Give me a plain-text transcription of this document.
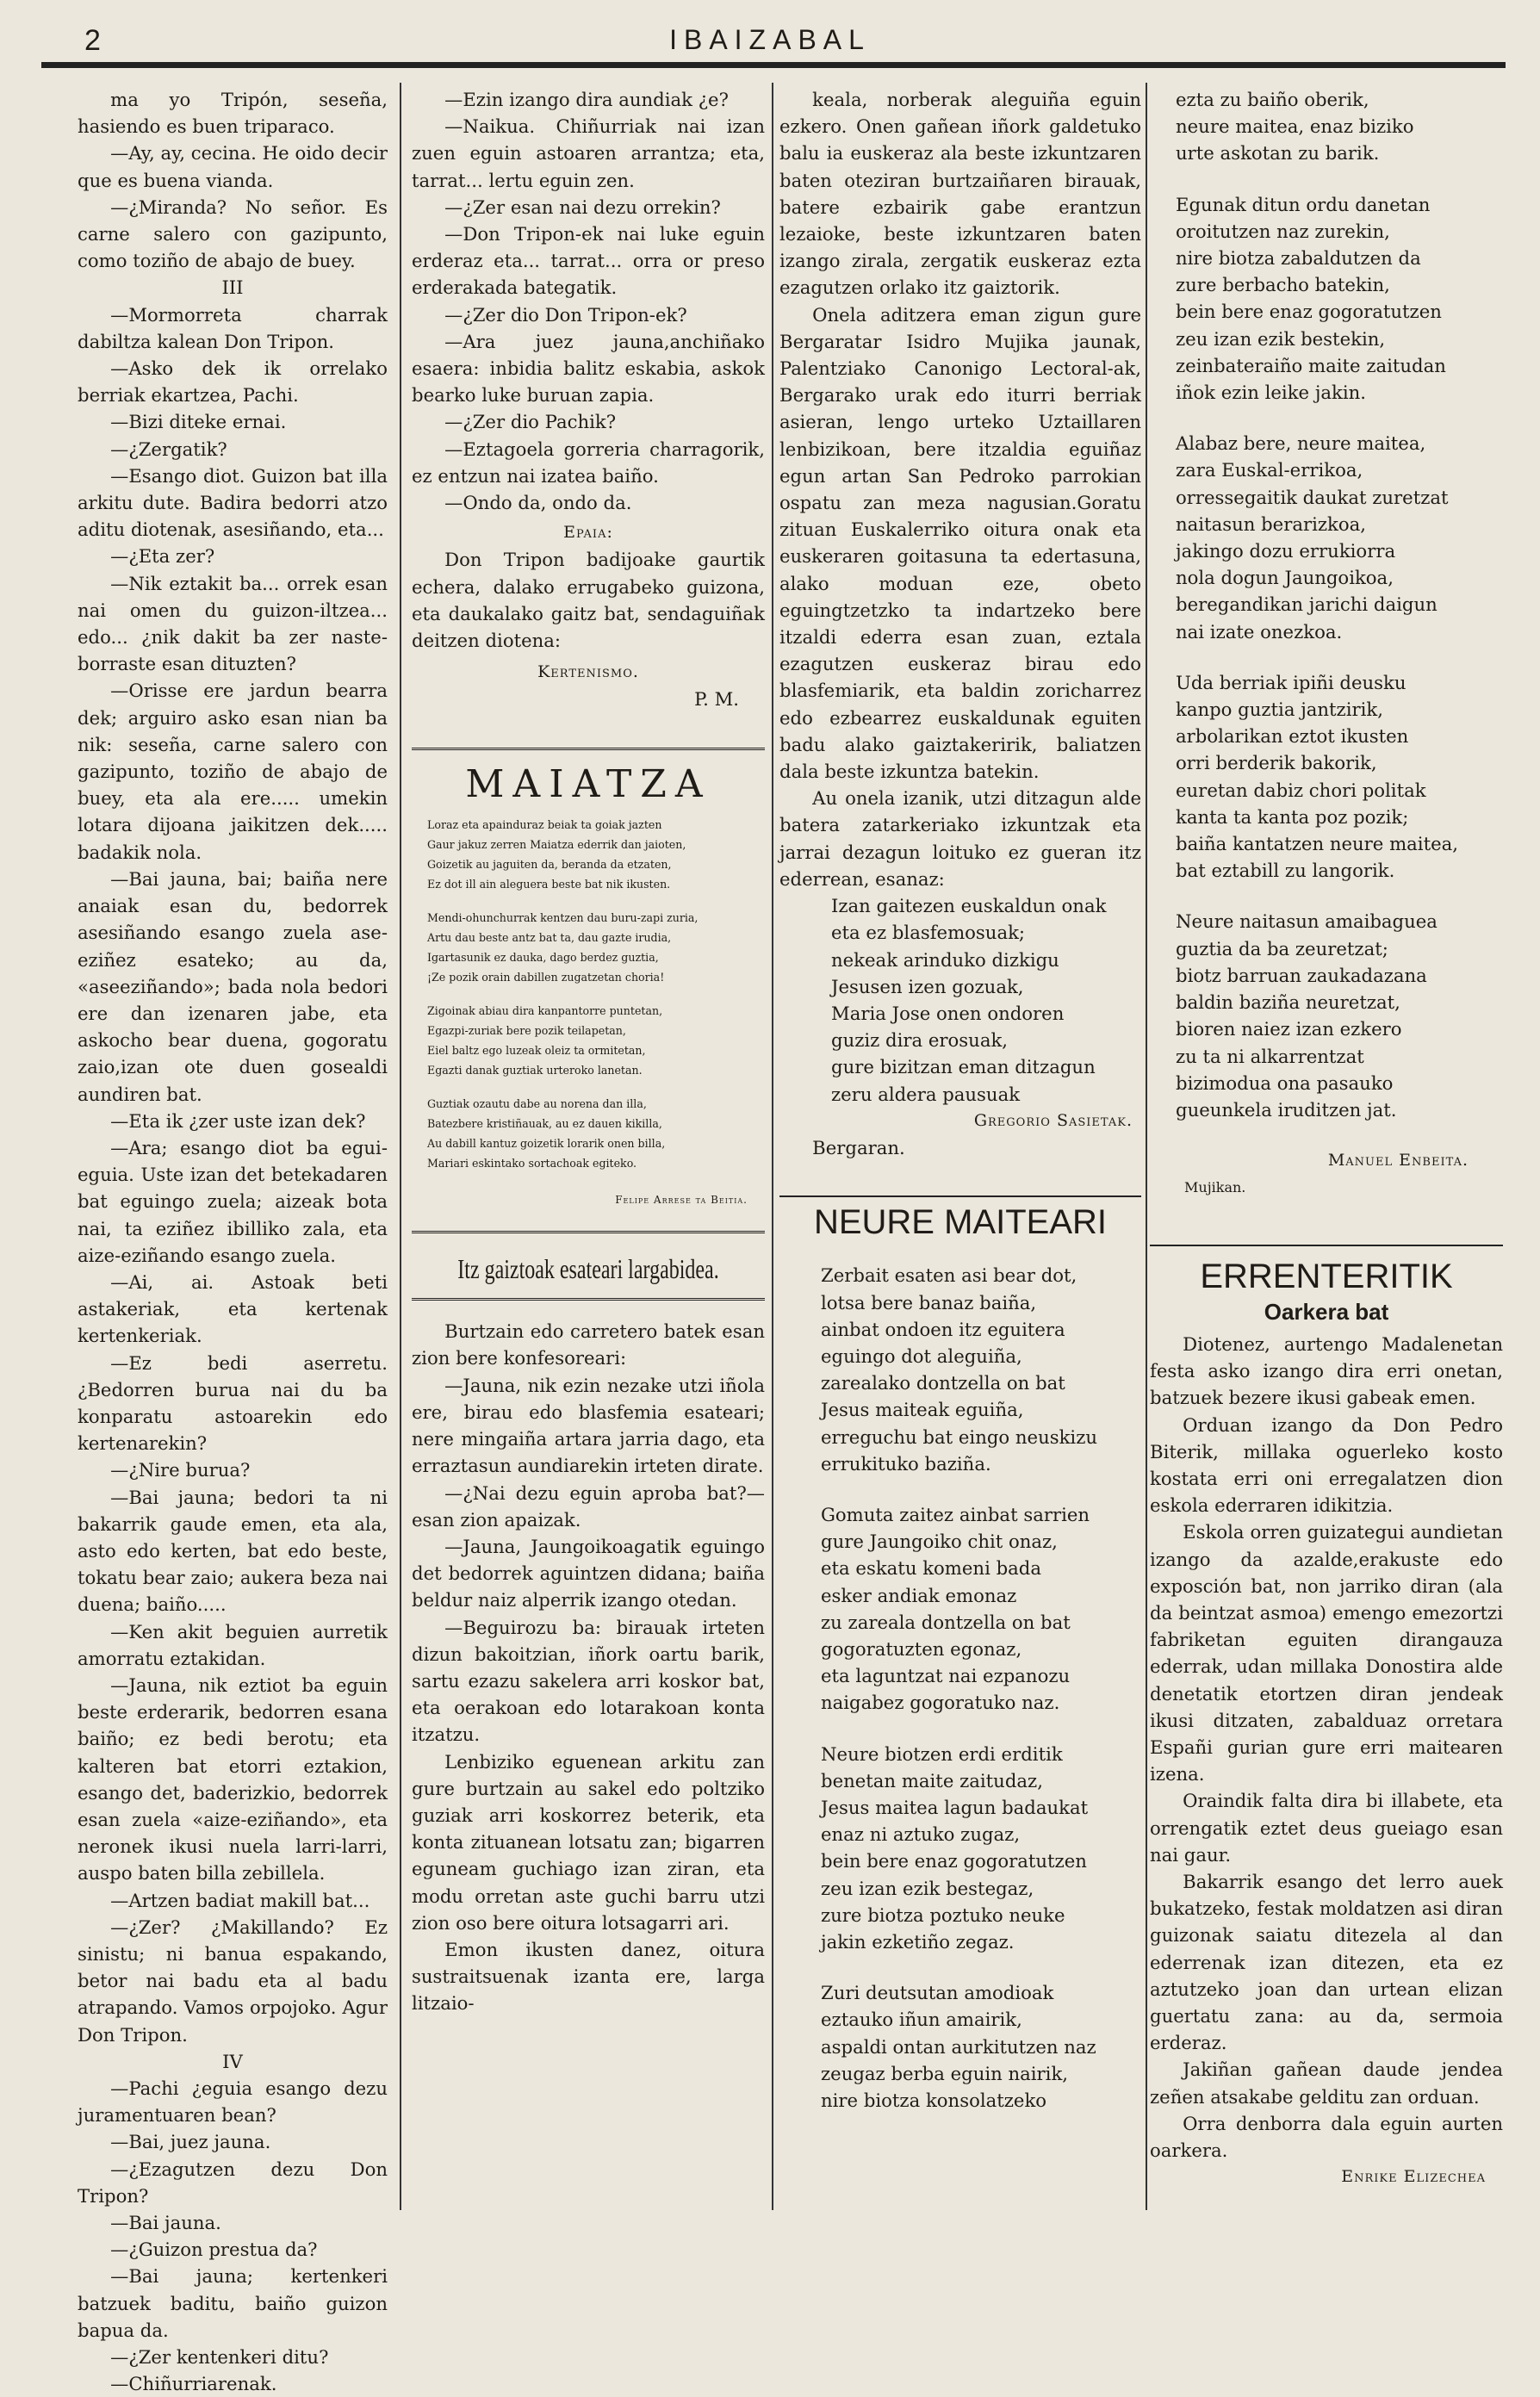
2	IBAIZABAL

ma yo Tripón, seseña, hasiendo es buen triparaco.

—Ay, ay, cecina. He oido decir que es buena vianda.

—¿Miranda? No señor. Es carne salero con gazipunto, como toziño de abajo de buey.

III

—Mormorreta charrak dabiltza kalean Don Tripon.

—Asko dek ik orrelako berriak ekartzea, Pachi.

—Bizi diteke ernai.

—¿Zergatik?

—Esango diot. Guizon bat illa arkitu dute. Badira bedorri atzo aditu diotenak, asesiñando, eta...

—¿Eta zer?

—Nik eztakit ba... orrek esan nai omen du guizon-iltzea... edo... ¿nik dakit ba zer naste-borraste esan dituzten?

—Orisse ere jardun bearra dek; arguiro asko esan nian ba nik: seseña, carne salero con gazipunto, toziño de abajo de buey, eta ala ere..... umekin lotara dijoana jaikitzen dek..... badakik nola.

—Bai jauna, bai; baiña nere anaiak esan du, bedorrek asesiñando esango zuela ase-eziñez esateko; au da, «aseeziñando»; bada nola bedori ere dan izenaren jabe, eta askocho bear duena, gogoratu zaio,izan ote duen gosealdi aundiren bat.

—Eta ik ¿zer uste izan dek?

—Ara; esango diot ba egui-eguia. Uste izan det betekadaren bat eguingo zuela; aizeak bota nai, ta eziñez ibilliko zala, eta aize-eziñando esango zuela.

—Ai, ai. Astoak beti astakeriak, eta kertenak kertenkeriak.

—Ez bedi aserretu. ¿Bedorren burua nai du ba konparatu astoarekin edo kertenarekin?

—¿Nire burua?

—Bai jauna; bedori ta ni bakarrik gaude emen, eta ala, asto edo kerten, bat edo beste, tokatu bear zaio; aukera beza nai duena; baiño.....

—Ken akit beguien aurretik amorratu eztakidan.

—Jauna, nik eztiot ba eguin beste erderarik, bedorren esana baiño; ez bedi berotu; eta kalteren bat etorri eztakion, esango det, baderizkio, bedorrek esan zuela «aize-eziñando», eta neronek ikusi nuela larri-larri, auspo baten billa zebillela.

—Artzen badiat makill bat...

—¿Zer? ¿Makillando? Ez sinistu; ni banua espakando, betor nai badu eta al badu atrapando. Vamos orpojoko. Agur Don Tripon.

IV

—Pachi ¿eguia esango dezu juramentuaren bean?

—Bai, juez jauna.

—¿Ezagutzen dezu Don Tripon?

—Bai jauna.

—¿Guizon prestua da?

—Bai jauna; kertenkeri batzuek baditu, baiño guizon bapua da.

—¿Zer kentenkeri ditu?

—Chiñurriarenak.

—Ezin izango dira aundiak ¿e?

—Naikua. Chiñurriak nai izan zuen eguin astoaren arrantza; eta, tarrat... lertu eguin zen.

—¿Zer esan nai dezu orrekin?

—Don Tripon-ek nai luke eguin erderaz eta... tarrat... orra or preso erderakada bategatik.

—¿Zer dio Don Tripon-ek?

—Ara juez jauna,anchiñako esaera: inbidia balitz eskabia, askok bearko luke buruan zapia.

—¿Zer dio Pachik?

—Eztagoela gorreria charragorik, ez entzun nai izatea baiño.

—Ondo da, ondo da.

Epaia:

Don Tripon badijoake gaurtik echera, dalako errugabeko guizona, eta daukalako gaitz bat, sendaguiñak deitzen diotena:

Kertenismo.

P. M.

MAIATZA

Loraz eta apainduraz beiak ta goiak jazten

Gaur jakuz zerren Maiatza ederrik dan jaioten,

Goizetik au jaguiten da, beranda da etzaten,

Ez dot ill ain aleguera beste bat nik ikusten.

Mendi-ohunchurrak kentzen dau buru-zapi zuria,

Artu dau beste antz bat ta, dau gazte irudia,

Igartasunik ez dauka, dago berdez guztia,

¡Ze pozik orain dabillen zugatzetan choria!

Zigoinak abiau dira kanpantorre puntetan,

Egazpi-zuriak bere pozik teilapetan,

Eiel baltz ego luzeak oleiz ta ormitetan,

Egazti danak guztiak urteroko lanetan.

Guztiak ozautu dabe au norena dan illa,

Batezbere kristiñauak, au ez dauen kikilla,

Au dabill kantuz goizetik lorarik onen billa,

Mariari eskintako sortachoak egiteko.

Felipe Arrese ta Beitia.

Itz gaiztoak esateari largabidea.

Burtzain edo carretero batek esan zion bere konfesoreari:

—Jauna, nik ezin nezake utzi iñola ere, birau edo blasfemia esateari; nere mingaiña artara jarria dago, eta erraztasun aundiarekin irteten dirate.

—¿Nai dezu eguin aproba bat?— esan zion apaizak.

—Jauna, Jaungoikoagatik eguingo det bedorrek aguintzen didana; baiña beldur naiz alperrik izango otedan.

—Beguirozu ba: birauak irteten dizun bakoitzian, iñork oartu barik, sartu ezazu sakelera arri koskor bat, eta oerakoan edo lotarakoan konta itzatzu.

Lenbiziko eguenean arkitu zan gure burtzain au sakel edo poltziko guziak arri koskorrez beterik, eta konta zituanean lotsatu zan; bigarren eguneam guchiago izan ziran, eta modu orretan aste guchi barru utzi zion oso bere oitura lotsagarri ari.

Emon ikusten danez, oitura sustraitsuenak izanta ere, larga litzaio-

keala, norberak aleguiña eguin ezkero. Onen gañean iñork galdetuko balu ia euskeraz ala beste izkuntzaren baten oteziran burtzaiñaren birauak, batere ezbairik gabe erantzun lezaioke, beste izkuntzaren baten izango zirala, zergatik euskeraz ezta ezagutzen orlako itz gaiztorik.

Onela aditzera eman zigun gure Bergaratar Isidro Mujika jaunak, Palentziako Canonigo Lectoral-ak, Bergarako urak edo iturri berriak asieran, lengo urteko Uztaillaren lenbizikoan, bere itzaldia eguiñaz egun artan San Pedroko parrokian ospatu zan meza nagusian.Goratu zituan Euskalerriko oitura onak eta euskeraren goitasuna ta edertasuna, alako moduan eze, obeto eguingtzetzko ta indartzeko bere itzaldi ederra esan zuan, eztala ezagutzen euskeraz birau edo blasfemiarik, eta baldin zoricharrez edo ezbearrez euskaldunak eguiten badu alako gaiztakeririk, baliatzen dala beste izkuntza batekin.

Au onela izanik, utzi ditzagun alde batera zatarkeriako izkuntzak eta jarrai dezagun loituko ez gueran itz ederrean, esanaz:

Izan gaitezen euskaldun onak

eta ez blasfemosuak;

nekeak arinduko dizkigu

Jesusen izen gozuak,

Maria Jose onen ondoren

guziz dira erosuak,

gure bizitzan eman ditzagun

zeru aldera pausuak

Gregorio Sasietak.

Bergaran.

NEURE MAITEARI

Zerbait esaten asi bear dot,

lotsa bere banaz baiña,

ainbat ondoen itz eguitera

eguingo dot aleguiña,

zarealako dontzella on bat

Jesus maiteak eguiña,

erreguchu bat eingo neuskizu

errukituko baziña.

Gomuta zaitez ainbat sarrien

gure Jaungoiko chit onaz,

eta eskatu komeni bada

esker andiak emonaz

zu zareala dontzella on bat

gogoratuzten egonaz,

eta laguntzat nai ezpanozu

naigabez gogoratuko naz.

Neure biotzen erdi erditik

benetan maite zaitudaz,

Jesus maitea lagun badaukat

enaz ni aztuko zugaz,

bein bere enaz gogoratutzen

zeu izan ezik bestegaz,

zure biotza poztuko neuke

jakin ezketiño zegaz.

Zuri deutsutan amodioak

eztauko iñun amairik,

aspaldi ontan aurkitutzen naz

zeugaz berba eguin nairik,

nire biotza konsolatzeko

ezta zu baiño oberik,

neure maitea, enaz biziko

urte askotan zu barik.

Egunak ditun ordu danetan

oroitutzen naz zurekin,

nire biotza zabaldutzen da

zure berbacho batekin,

bein bere enaz gogoratutzen

zeu izan ezik bestekin,

zeinbateraiño maite zaitudan

iñok ezin leike jakin.

Alabaz bere, neure maitea,

zara Euskal-errikoa,

orressegaitik daukat zuretzat

naitasun berarizkoa,

jakingo dozu errukiorra

nola dogun Jaungoikoa,

beregandikan jarichi daigun

nai izate onezkoa.

Uda berriak ipiñi deusku

kanpo guztia jantzirik,

arbolarikan eztot ikusten

orri berderik bakorik,

euretan dabiz chori politak

kanta ta kanta poz pozik;

baiña kantatzen neure maitea,

bat eztabill zu langorik.

Neure naitasun amaibaguea

guztia da ba zeuretzat;

biotz barruan zaukadazana

baldin baziña neuretzat,

bioren naiez izan ezkero

zu ta ni alkarrentzat

bizimodua ona pasauko

gueunkela iruditzen jat.

Manuel Enbeita.

Mujikan.

ERRENTERITIK

Oarkera bat

Diotenez, aurtengo Madalenetan festa asko izango dira erri onetan, batzuek bezere ikusi gabeak emen.

Orduan izango da Don Pedro Biterik, millaka oguerleko kosto kostata erri oni erregalatzen dion eskola ederraren idikitzia.

Eskola orren guizategui aundietan izango da azalde,erakuste edo exposción bat, non jarriko diran (ala da beintzat asmoa) emengo emezortzi fabriketan eguiten dirangauza ederrak, udan millaka Donostira alde denetatik etortzen diran jendeak ikusi ditzaten, zabalduaz orretara Españi gurian gure erri maitearen izena.

Oraindik falta dira bi illabete, eta orrengatik eztet deus gueiago esan nai gaur.

Bakarrik esango det lerro auek bukatzeko, festak moldatzen asi diran guizonak saiatu ditezela al dan ederrenak izan ditezen, eta ez aztutzeko joan dan urtean elizan guertatu zana: au da, sermoia erderaz.

Jakiñan gañean daude jendea zeñen atsakabe gelditu zan orduan.

Orra denborra dala eguin aurten oarkera.

Enrike Elizechea
